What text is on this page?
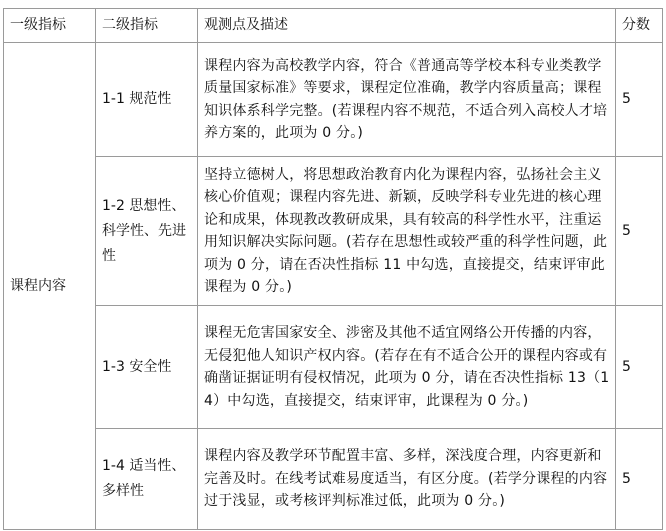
一级指标	二级指标	观测点及描述	分数
课程内容	1-1 规范性	课程内容为高校教学内容，符合《普通高等学校本科专业类教学质量国家标准》等要求，课程定位准确，教学内容质量高；课程知识体系科学完整。(若课程内容不规范，不适合列入高校人才培养方案的，此项为 0 分。)	5
	1-2 思想性、科学性、先进性	坚持立德树人，将思想政治教育内化为课程内容，弘扬社会主义核心价值观；课程内容先进、新颖，反映学科专业先进的核心理论和成果，体现教改教研成果，具有较高的科学性水平，注重运用知识解决实际问题。(若存在思想性或较严重的科学性问题，此项为 0 分，请在否决性指标 11 中勾选，直接提交，结束评审此课程为 0 分。)	5
	1-3 安全性	课程无危害国家安全、涉密及其他不适宜网络公开传播的内容，无侵犯他人知识产权内容。(若存在有不适合公开的课程内容或有确凿证据证明有侵权情况，此项为 0 分，请在否决性指标 13（14）中勾选，直接提交，结束评审，此课程为 0 分。)	5
	1-4 适当性、多样性	课程内容及教学环节配置丰富、多样，深浅度合理，内容更新和完善及时。在线考试难易度适当，有区分度。(若学分课程的内容过于浅显，或考核评判标准过低，此项为 0 分。)	5
